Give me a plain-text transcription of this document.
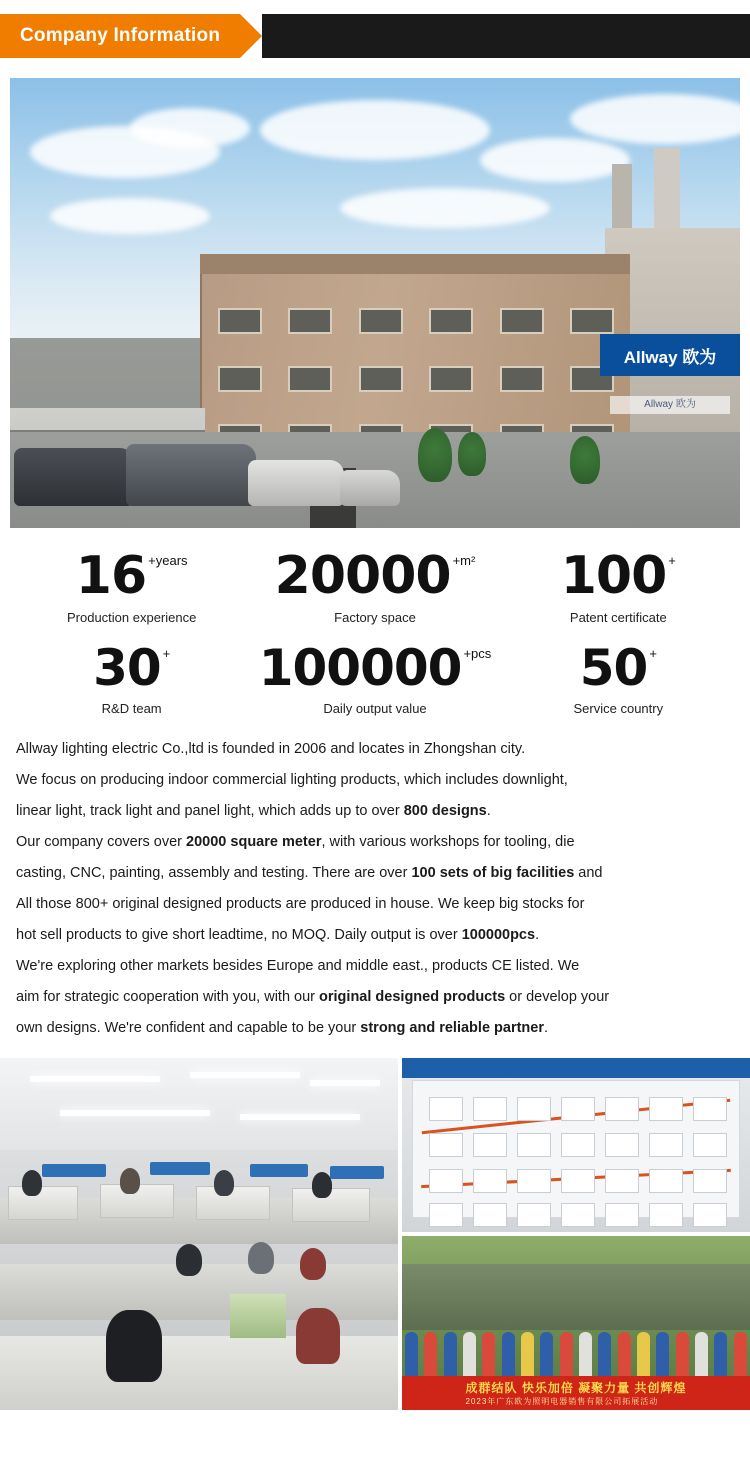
Company Information
Allway 欧为
Allway 欧为
16 +years
Production experience
20000 +m²
Factory space
100 +
Patent certificate
30 +
R&D team
100000 +pcs
Daily output value
50 +
Service country
Allway lighting electric Co.,ltd is founded in 2006 and locates in Zhongshan city.
We focus on producing indoor commercial lighting products, which includes downlight,
linear light, track light and panel light, which adds up to over 800 designs.
Our company covers over 20000 square meter, with various workshops for tooling, die
casting, CNC, painting, assembly and testing. There are over 100 sets of big facilities and
All those 800+ original designed products are produced in house. We keep big stocks for
hot sell products to give short leadtime, no MOQ. Daily output is over 100000pcs.
We're exploring other markets besides Europe and middle east., products CE listed. We
aim for strategic cooperation with you, with our original designed products or develop your
own designs. We're confident and capable to be your strong and reliable partner.
成群结队 快乐加倍 凝聚力量 共创辉煌
2023年广东欧为照明电器销售有限公司拓展活动
